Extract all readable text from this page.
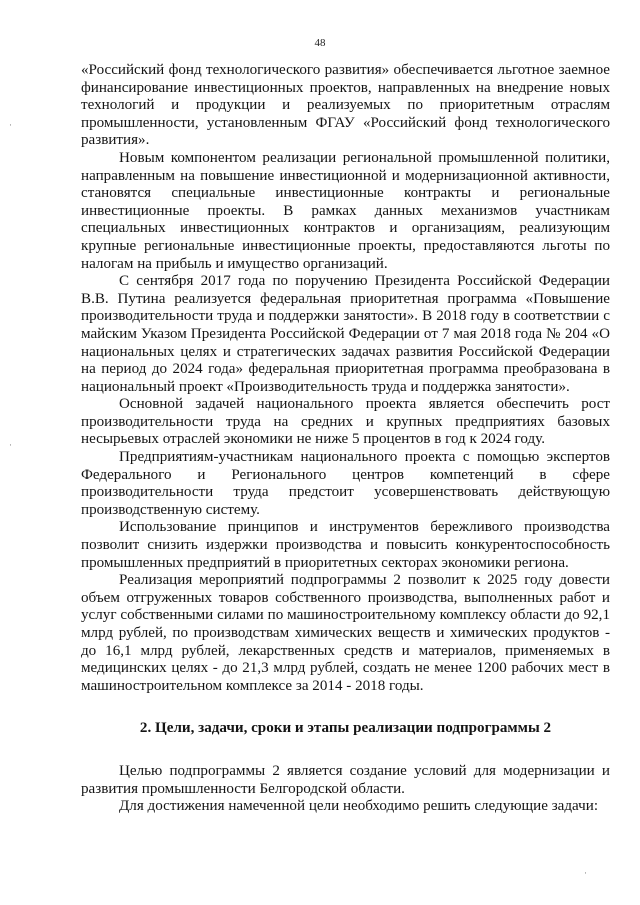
48

«Российский фонд технологического развития» обеспечивается льготное заемное финансирование инвестиционных проектов, направленных на внедрение новых технологий и продукции и реализуемых по приоритетным отраслям промышленности, установленным ФГАУ «Российский фонд технологического развития».

Новым компонентом реализации региональной промышленной политики, направленным на повышение инвестиционной и модернизационной активности, становятся специальные инвестиционные контракты и региональные инвестиционные проекты. В рамках данных механизмов участникам специальных инвестиционных контрактов и организациям, реализующим крупные региональные инвестиционные проекты, предоставляются льготы по налогам на прибыль и имущество организаций.

С сентября 2017 года по поручению Президента Российской Федерации В.В. Путина реализуется федеральная приоритетная программа «Повышение производительности труда и поддержки занятости». В 2018 году в соответствии с майским Указом Президента Российской Федерации от 7 мая 2018 года № 204 «О национальных целях и стратегических задачах развития Российской Федерации на период до 2024 года» федеральная приоритетная программа преобразована в национальный проект «Производительность труда и поддержка занятости».

Основной задачей национального проекта является обеспечить рост производительности труда на средних и крупных предприятиях базовых несырьевых отраслей экономики не ниже 5 процентов в год к 2024 году.

Предприятиям-участникам национального проекта с помощью экспертов Федерального и Регионального центров компетенций в сфере производительности труда предстоит усовершенствовать действующую производственную систему.

Использование принципов и инструментов бережливого производства позволит снизить издержки производства и повысить конкурентоспособность промышленных предприятий в приоритетных секторах экономики региона.

Реализация мероприятий подпрограммы 2 позволит к 2025 году довести объем отгруженных товаров собственного производства, выполненных работ и услуг собственными силами по машиностроительному комплексу области до 92,1 млрд рублей, по производствам химических веществ и химических продуктов - до 16,1 млрд рублей, лекарственных средств и материалов, применяемых в медицинских целях - до 21,3 млрд рублей, создать не менее 1200 рабочих мест в машиностроительном комплексе за 2014 - 2018 годы.

2. Цели, задачи, сроки и этапы реализации подпрограммы 2

Целью подпрограммы 2 является создание условий для модернизации и развития промышленности Белгородской области.

Для достижения намеченной цели необходимо решить следующие задачи:

·
·
·
